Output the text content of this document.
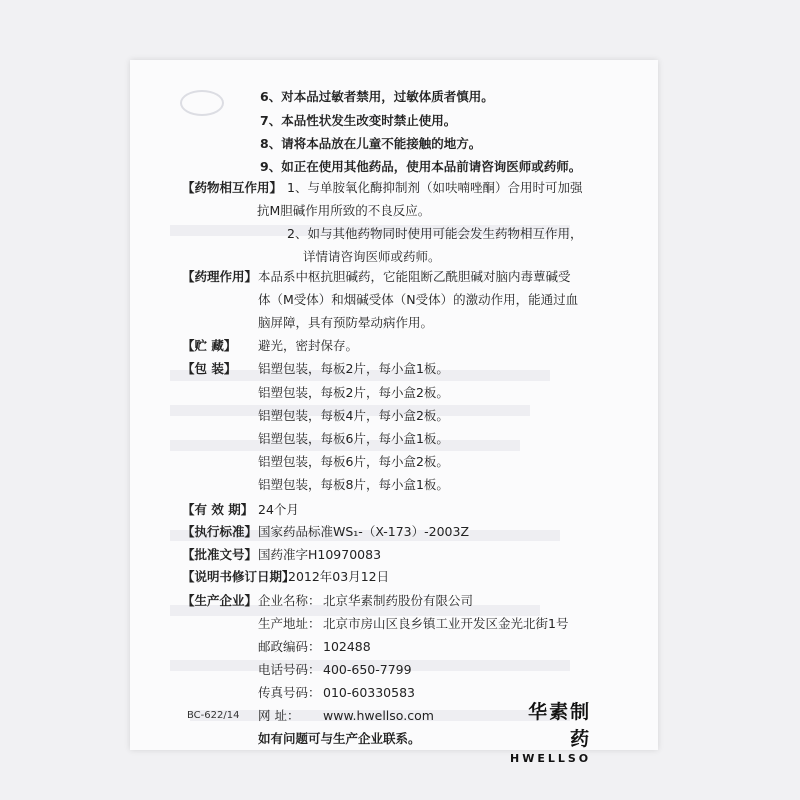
6、对本品过敏者禁用，过敏体质者慎用。
7、本品性状发生改变时禁止使用。
8、请将本品放在儿童不能接触的地方。
9、如正在使用其他药品，使用本品前请咨询医师或药师。
【药物相互作用】 1、与单胺氧化酶抑制剂（如呋喃唑酮）合用时可加强
抗M胆碱作用所致的不良反应。
2、如与其他药物同时使用可能会发生药物相互作用，
详情请咨询医师或药师。
【药理作用】 本品系中枢抗胆碱药，它能阻断乙酰胆碱对脑内毒蕈碱受
体（M受体）和烟碱受体（N受体）的激动作用，能通过血
脑屏障，具有预防晕动病作用。
【贮 藏】 避光，密封保存。
【包 装】 铝塑包装，每板2片，每小盒1板。
铝塑包装，每板2片，每小盒2板。
铝塑包装，每板4片，每小盒2板。
铝塑包装，每板6片，每小盒1板。
铝塑包装，每板6片，每小盒2板。
铝塑包装，每板8片，每小盒1板。
【有 效 期】 24个月
【执行标准】 国家药品标准WS₁-（X-173）-2003Z
【批准文号】 国药准字H10970083
【说明书修订日期】
2012年03月12日
【生产企业】 企业名称： 北京华素制药股份有限公司
生产地址： 北京市房山区良乡镇工业开发区金光北街1号
邮政编码： 102488
电话号码： 400-650-7799
传真号码： 010-60330583
网 址： www.hwellso.com
如有问题可与生产企业联系。
华素制药
HWELLSO
BC-622/14
